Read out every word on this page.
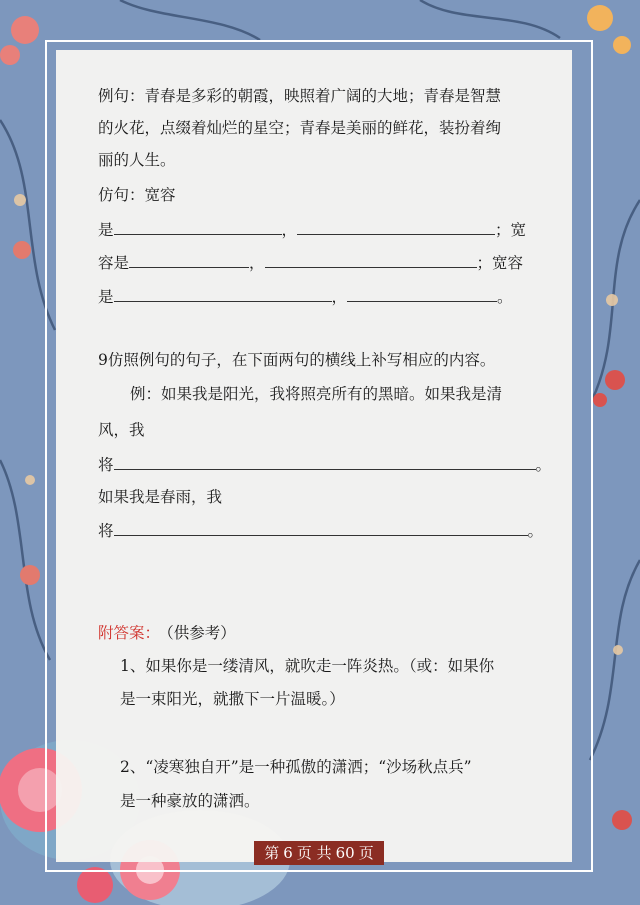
例句：青春是多彩的朝霞，映照着广阔的大地；青春是智慧
的火花，点缀着灿烂的星空；青春是美丽的鲜花，装扮着绚
丽的人生。
仿句：宽容
是	，	；宽
容是	，	；宽容
是	，	。
9仿照例句的句子，在下面两句的横线上补写相应的内容。
例：如果我是阳光，我将照亮所有的黑暗。如果我是清
风，我
将	。
如果我是春雨，我
将	。
附答案： （供参考）
1、如果你是一缕清风，就吹走一阵炎热。（或：如果你
是一束阳光，就撒下一片温暖。）
2、“凌寒独自开”是一种孤傲的潇洒；“沙场秋点兵”
是一种豪放的潇洒。
第 6 页 共 60 页
